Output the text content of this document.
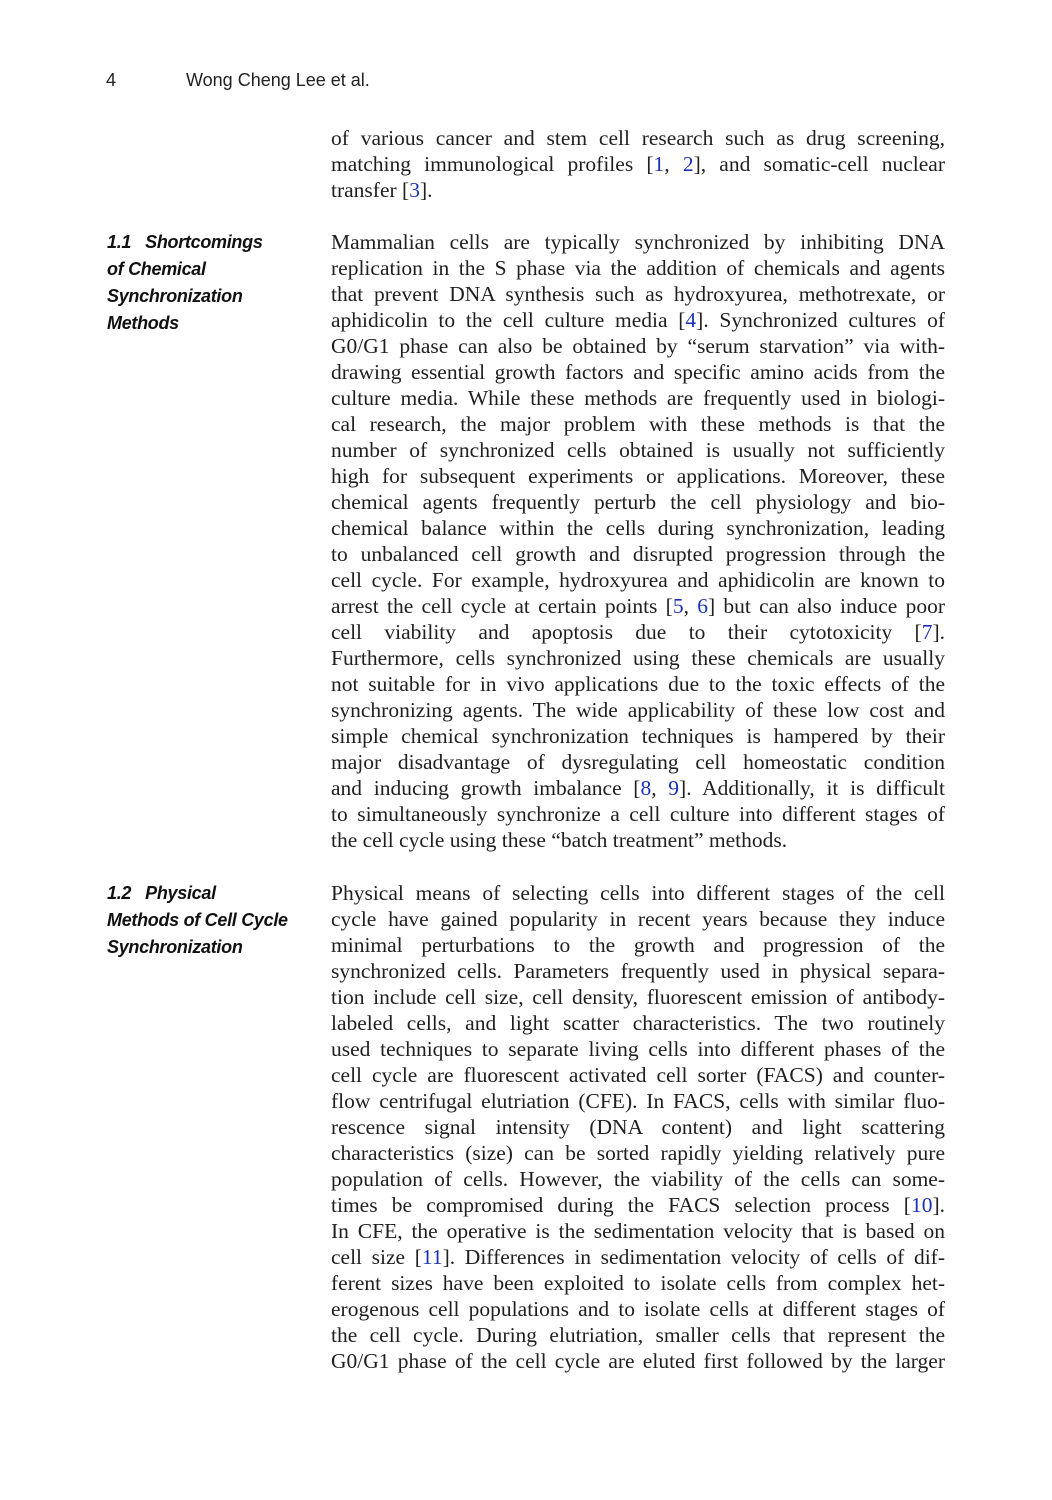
4	Wong Cheng Lee et al.
of various cancer and stem cell research such as drug screening,
matching immunological profiles [1, 2], and somatic-cell nuclear
transfer [3].
1.1 Shortcomings
of Chemical
Synchronization
Methods
Mammalian cells are typically synchronized by inhibiting DNA
replication in the S phase via the addition of chemicals and agents
that prevent DNA synthesis such as hydroxyurea, methotrexate, or
aphidicolin to the cell culture media [4]. Synchronized cultures of
G0/G1 phase can also be obtained by “serum starvation” via with-
drawing essential growth factors and specific amino acids from the
culture media. While these methods are frequently used in biologi-
cal research, the major problem with these methods is that the
number of synchronized cells obtained is usually not sufficiently
high for subsequent experiments or applications. Moreover, these
chemical agents frequently perturb the cell physiology and bio-
chemical balance within the cells during synchronization, leading
to unbalanced cell growth and disrupted progression through the
cell cycle. For example, hydroxyurea and aphidicolin are known to
arrest the cell cycle at certain points [5, 6] but can also induce poor
cell viability and apoptosis due to their cytotoxicity [7].
Furthermore, cells synchronized using these chemicals are usually
not suitable for in vivo applications due to the toxic effects of the
synchronizing agents. The wide applicability of these low cost and
simple chemical synchronization techniques is hampered by their
major disadvantage of dysregulating cell homeostatic condition
and inducing growth imbalance [8, 9]. Additionally, it is difficult
to simultaneously synchronize a cell culture into different stages of
the cell cycle using these “batch treatment” methods.
1.2 Physical
Methods of Cell Cycle
Synchronization
Physical means of selecting cells into different stages of the cell
cycle have gained popularity in recent years because they induce
minimal perturbations to the growth and progression of the
synchronized cells. Parameters frequently used in physical separa-
tion include cell size, cell density, fluorescent emission of antibody-
labeled cells, and light scatter characteristics. The two routinely
used techniques to separate living cells into different phases of the
cell cycle are fluorescent activated cell sorter (FACS) and counter-
flow centrifugal elutriation (CFE). In FACS, cells with similar fluo-
rescence signal intensity (DNA content) and light scattering
characteristics (size) can be sorted rapidly yielding relatively pure
population of cells. However, the viability of the cells can some-
times be compromised during the FACS selection process [10].
In CFE, the operative is the sedimentation velocity that is based on
cell size [11]. Differences in sedimentation velocity of cells of dif-
ferent sizes have been exploited to isolate cells from complex het-
erogenous cell populations and to isolate cells at different stages of
the cell cycle. During elutriation, smaller cells that represent the
G0/G1 phase of the cell cycle are eluted first followed by the larger
